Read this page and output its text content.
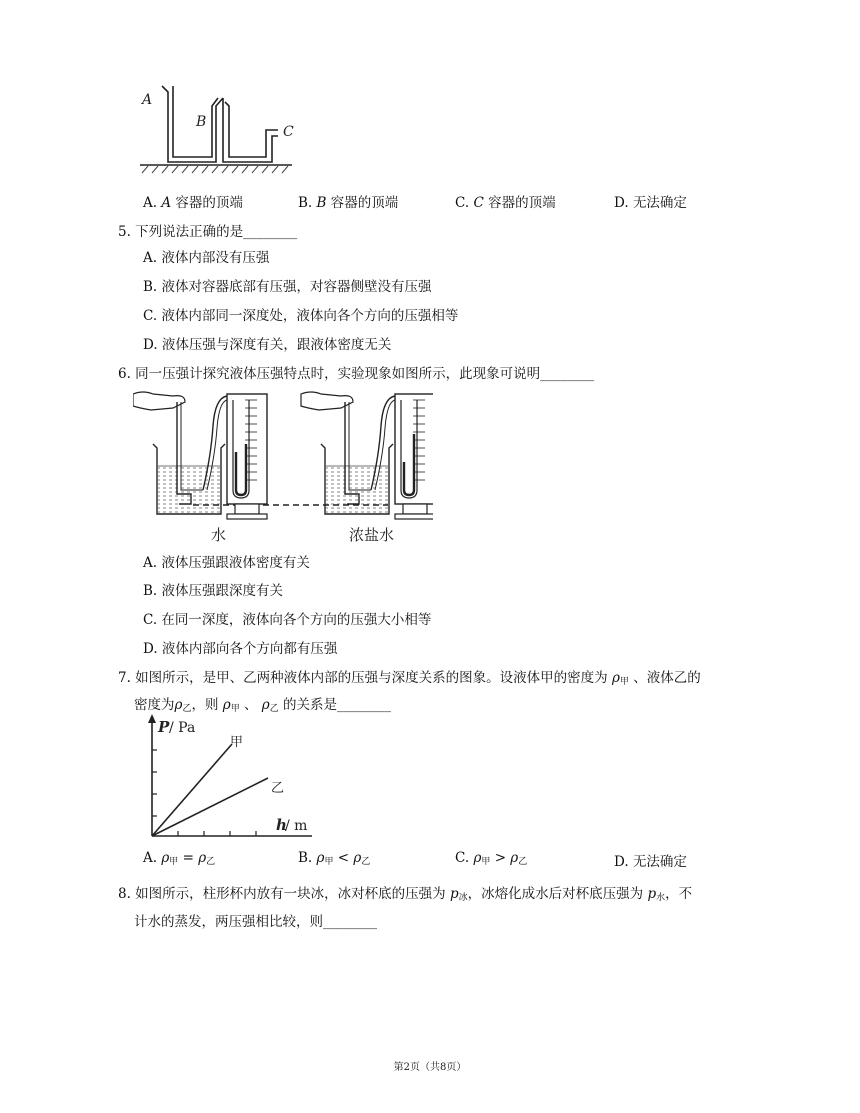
A
B
C
A. A 容器的顶端	B. B 容器的顶端	C. C 容器的顶端	D. 无法确定
5. 下列说法正确的是________
A. 液体内部没有压强
B. 液体对容器底部有压强，对容器侧壁没有压强
C. 液体内部同一深度处，液体向各个方向的压强相等
D. 液体压强与深度有关，跟液体密度无关
6. 同一压强计探究液体压强特点时，实验现象如图所示，此现象可说明________
水	浓盐水
A. 液体压强跟液体密度有关
B. 液体压强跟深度有关
C. 在同一深度，液体向各个方向的压强大小相等
D. 液体内部向各个方向都有压强
7. 如图所示，是甲、乙两种液体内部的压强与深度关系的图象。设液体甲的密度为 $\rho_甲$ 、液体乙的
密度为$\rho_乙$，则 $\rho_甲$ 、 $\rho_乙$ 的关系是________
P / Pa
h
/ m
甲
乙
A. $\rho_甲 = \rho_乙$	B. $\rho_甲 < \rho_乙$	C. $\rho_甲 > \rho_乙$	D. 无法确定
8. 如图所示，柱形杯内放有一块冰，冰对杯底的压强为 $p_冰$，冰熔化成水后对杯底压强为 $p_水$，不
计水的蒸发，两压强相比较，则________
第2页（共8页）
